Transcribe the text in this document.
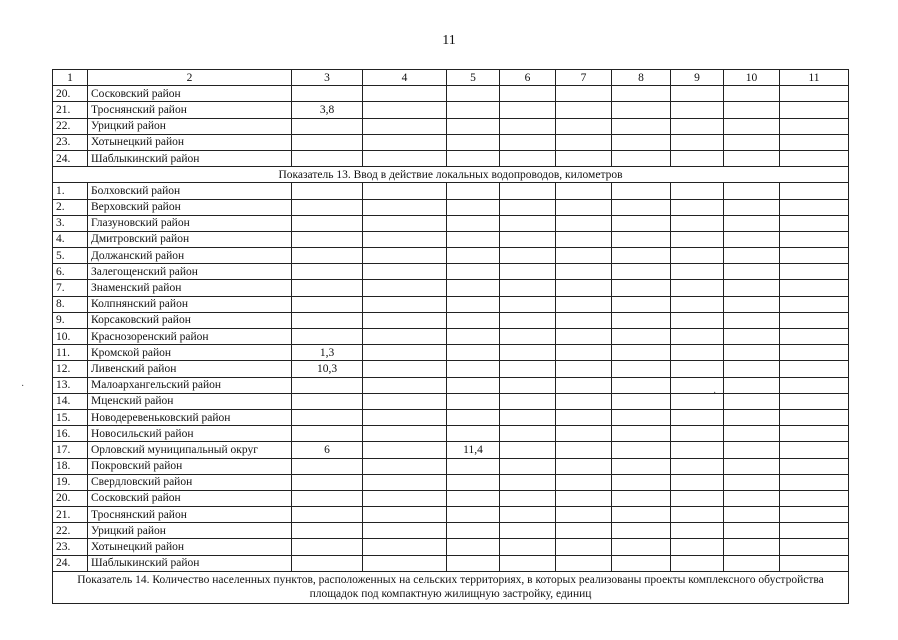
11
1	2	3	4	5	6	7	8	9	10	11
20.	Сосковский район									
21.	Троснянский район	3,8								
22.	Урицкий район									
23.	Хотынецкий район									
24.	Шаблыкинский район									
Показатель 13. Ввод в действие локальных водопроводов, километров										
1.	Болховский район									
2.	Верховский район									
3.	Глазуновский район									
4.	Дмитровский район									
5.	Должанский район									
6.	Залегощенский район									
7.	Знаменский район									
8.	Колпнянский район									
9.	Корсаковский район									
10.	Краснозоренский район									
11.	Кромской район	1,3								
12.	Ливенский район	10,3								
13.	Малоархангельский район									
14.	Мценский район									
15.	Новодеревеньковский район									
16.	Новосильский район									
17.	Орловский муниципальный округ	6		11,4						
18.	Покровский район									
19.	Свердловский район									
20.	Сосковский район									
21.	Троснянский район									
22.	Урицкий район									
23.	Хотынецкий район									
24.	Шаблыкинский район									
Показатель 14. Количество населенных пунктов, расположенных на сельских территориях, в которых реализованы проекты комплексного обустройства площадок под компактную жилищную застройку, единиц										
·
·
